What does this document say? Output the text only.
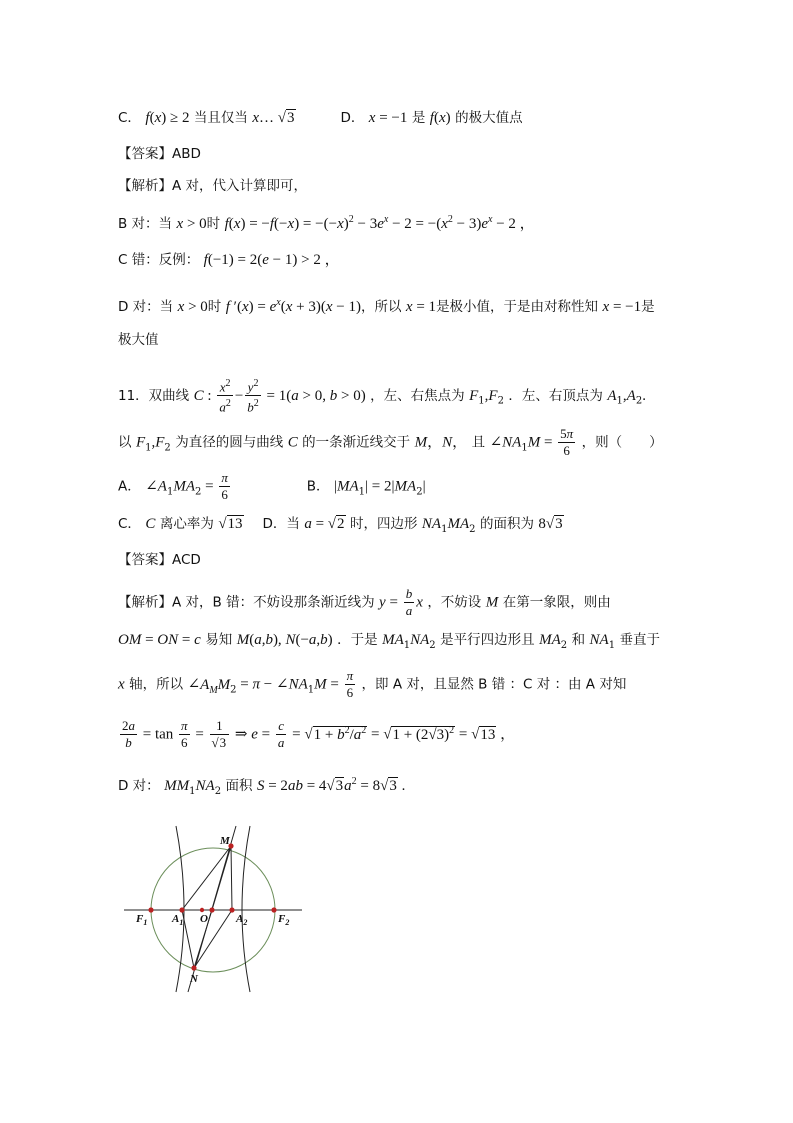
C． f(x) ≥ 2 当且仅当 x… √3	D． x = −1 是 f(x) 的极大值点
【答案】ABD
【解析】A 对，代入计算即可，
B 对：当 x > 0时 $f(x) = -f(-x) = -(-x)^2 - 3e^x - 2 = -(x^2 - 3)e^x - 2$ ，
C 错：反例： f(−1) = 2(e − 1) > 2 ，
D 对：当 x > 0时 f $'(x) = e^x(x + 3)(x - 1)$，所以 x = 1是极小值，于是由对称性知 x = −1是
极大值
11．双曲线 C : $\frac{x^2}{a^2} - \frac{y^2}{b^2} = 1(a > 0$, b > 0) ，左、右焦点为 $F_1,F_2$ ．左、右顶点为 $A_1,A_2$.
以 $F_1,F_2$ 为直径的圆与曲线 C 的一条渐近线交于 M，N， 且 $\angle NA_1M = \frac{5\pi}{6}$ ，则（　　）
A． $\angle A_1MA_2 = \frac{\pi}{6}$	B． $|MA_1| = 2|MA_2|$
C． C 离心率为 √13 D．当 a = √2 时，四边形 $NA_1MA_2$ 的面积为 8√3
【答案】ACD
【解析】A 对，B 错：不妨设那条渐近线为 $y = \frac{b}{a}$ x ，不妨设 M 在第一象限，则由
OM = ON = c 易知 M(a,b), N(−a,b) ．于是 $MA_1NA_2$ 是平行四边形且 $MA_2$ 和 $NA_1$ 垂直于
x 轴，所以 $\angle A_MM_2 = \pi$ − $\angle NA_1M = \frac{\pi}{6}$ ，即 A 对，且显然 B 错 ：C 对 ：由 A 对知
$\frac{2a}{b} = \tan \frac{\pi}{6} = \frac{1}{√3}$ ⇒ $e = \frac{c}{a} = √1 + b^2/a^2 = √1 + (2√3)^2 = √13$ ，
D 对： $MM_1NA_2$ 面积 $S = 2ab = 4√3a^2 = 8√3$ .
M
N
$F_1$ $A_1$ O	$A_2$	$F_2$
